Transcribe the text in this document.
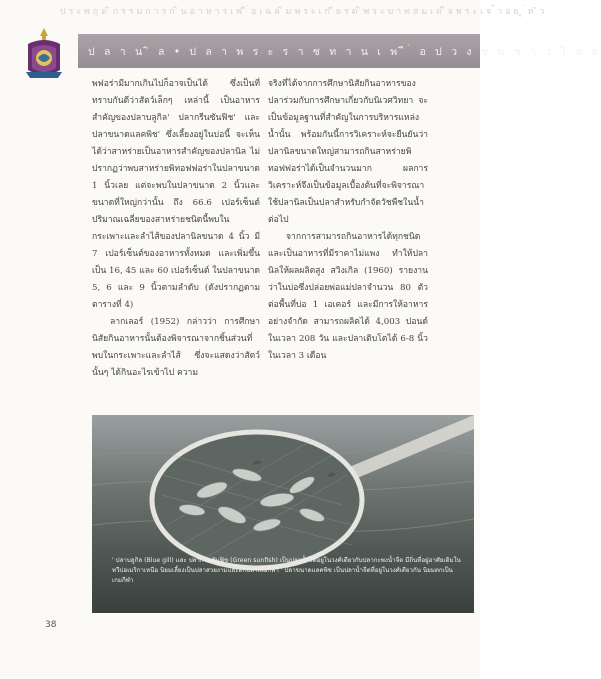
ป ร ะ พ ฤ ต ิ ก ร ร ม ก า ร ก ิ น อ า ห า ร เ พ ื ่ อ เ ฉ ล ิ ม พ ร ะ เ ก ี ย ร ต ิ พ ร ะ บ า ท ส ม เ ด ็ จ พ ร ะ เ จ ้ า อ ย ู ่ ห ั ว
ป ล า น ิ ล • ป ล า พ ร ะ ร า ช ท า น เ พ ื ่ อ ป ว ง ช น ช า ว ไ ท ย

พฟอร่ามีมากเกินไปก็อาจเป็นได้ ซึ่งเป็นที่ทราบกันดีว่าสัตว์เล็กๆ เหล่านี้ เป็นอาหารสำคัญของปลาบลูกิล' ปลากรีนซันฟิช' และปลาขนาดแลคพิช' ซึ่งเลี้ยงอยู่ในบ่อนี้ จะเห็นได้ว่าสาหร่ายเป็นอาหารสำคัญของปลานิล ไม่ปรากฏว่าพบสาหร่ายพิทอฟฟอร่าในปลาขนาด 1 นิ้วเลย แต่จะพบในปลาขนาด 2 นิ้วและขนาดที่ใหญ่กว่านั้น ถึง 66.6 เปอร์เซ็นต์ ปริมาณเฉลี่ยของสาหร่ายชนิดนี้พบในกระเพาะและลำไส้ของปลานิลขนาด 4 นิ้ว มี 7 เปอร์เซ็นต์ของอาหารทั้งหมด และเพิ่มขึ้นเป็น 16, 45 และ 60 เปอร์เซ็นต์ ในปลาขนาด 5, 6 และ 9 นิ้วตามลำดับ (ดังปรากฏตามตารางที่ 4)

ลากเลอร์ (1952) กล่าวว่า การศึกษานิสัยกินอาหารนั้นต้องพิจารณาจากชิ้นส่วนที่พบในกระเพาะและลำไส้ ซึ่งจะแสดงว่าสัตว์นั้นๆ ได้กินอะไรเข้าไป ความ

จริงที่ได้จากการศึกษานิสัยกินอาหารของปลาร่วมกับการศึกษาเกี่ยวกับนิเวศวิทยา จะเป็นข้อมูลฐานที่สำคัญในการบริหารแหล่งน้ำนั้น พร้อมกันนี้การวิเคราะห์จะยืนยันว่าปลานิลขนาดใหญ่สามารถกินสาหร่ายพิทอฟฟอร่าได้เป็นจำนวนมาก ผลการวิเคราะห์จึงเป็นข้อมูลเบื้องต้นที่จะพิจารณาใช้ปลานิลเป็นปลาสำหรับกำจัดวัชพืชในน้ำต่อไป

จากการสามารถกินอาหารได้ทุกชนิดและเป็นอาหารที่มีราคาไม่แพง ทำให้ปลานิลให้ผลผลิตสูง สวิงเกิล (1960) รายงานว่าในบ่อซึ่งปล่อยพ่อแม่ปลาจำนวน 80 ตัว ต่อพื้นที่บ่อ 1 เอเคอร์ และมีการให้อาหารอย่างจำกัด สามารถผลิตได้ 4,003 ปอนด์ ในเวลา 208 วัน และปลาเติบโตได้ 6-8 นิ้ว ในเวลา 3 เดือน

' ปลาบลูกิล (Blue gill) และ ปลากรีนซันฟิช (Green sunfish) เป็นปลาน้ำจืดอยู่ในวงศ์เดียวกับปลากะพงน้ำจืด มีถิ่นที่อยู่อาศัยเดิมในทวีปอเมริกาเหนือ นิยมเลี้ยงเป็นปลาสวยงามและตกปลาเพื่อกีฬา ' ปลาขนาดแลคพิช เป็นปลาน้ำจืดที่อยู่ในวงศ์เดียวกัน นิยมตกเป็นเกมกีฬา
38
